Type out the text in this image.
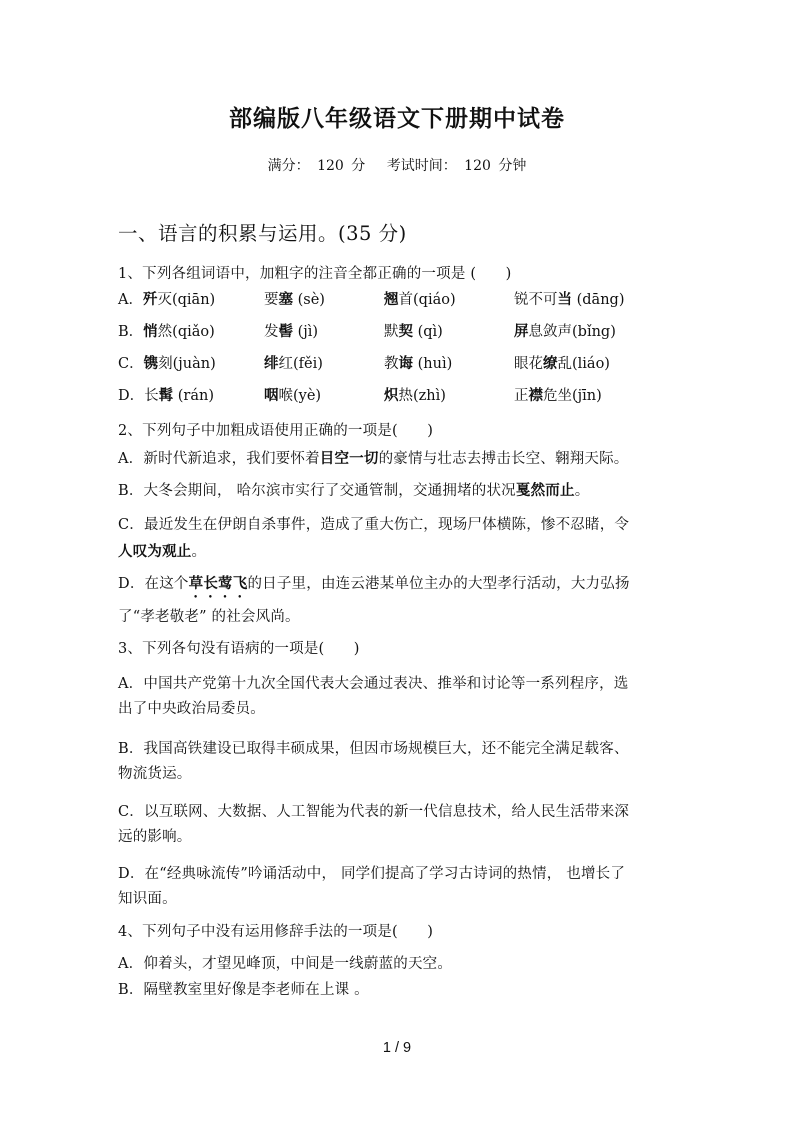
部编版八年级语文下册期中试卷
满分： 120 分　 考试时间： 120 分钟
一、语言的积累与运用。(35 分)
1、下列各组词语中，加粗字的注音全都正确的一项是 (　　)
A．歼灭(qiān)	要塞 (sè)	翘首(qiáo)	锐不可当 (dāng)
B．悄然(qiǎo)	发髻 (jì)	默契 (qì)	屏息敛声(bǐng)
C．镌刻(juàn)	绯红(fěi)	教诲 (huì)	眼花缭乱(liáo)
D．长髯 (rán)	咽喉(yè)	炽热(zhì)	正襟危坐(jīn)
2、下列句子中加粗成语使用正确的一项是(　　)
A．新时代新追求，我们要怀着目空一切的豪情与壮志去搏击长空、翱翔天际。
B．大冬会期间， 哈尔滨市实行了交通管制，交通拥堵的状况戛然而止。
C．最近发生在伊朗自杀事件，造成了重大伤亡，现场尸体横陈，惨不忍睹，令
人叹为观止。
D．在这个草长莺飞的日子里，由连云港某单位主办的大型孝行活动，大力弘扬
了“孝老敬老” 的社会风尚。
3、下列各句没有语病的一项是(　　)
A．中国共产党第十九次全国代表大会通过表决、推举和讨论等一系列程序，选
出了中央政治局委员。
B．我国高铁建设已取得丰硕成果，但因市场规模巨大，还不能完全满足载客、
物流货运。
C．以互联网、大数据、人工智能为代表的新一代信息技术，给人民生活带来深
远的影响。
D．在“经典咏流传”吟诵活动中， 同学们提高了学习古诗词的热情， 也增长了
知识面。
4、下列句子中没有运用修辞手法的一项是(　　)
A．仰着头，才望见峰顶，中间是一线蔚蓝的天空。
B．隔壁教室里好像是李老师在上课 。
1 / 9
